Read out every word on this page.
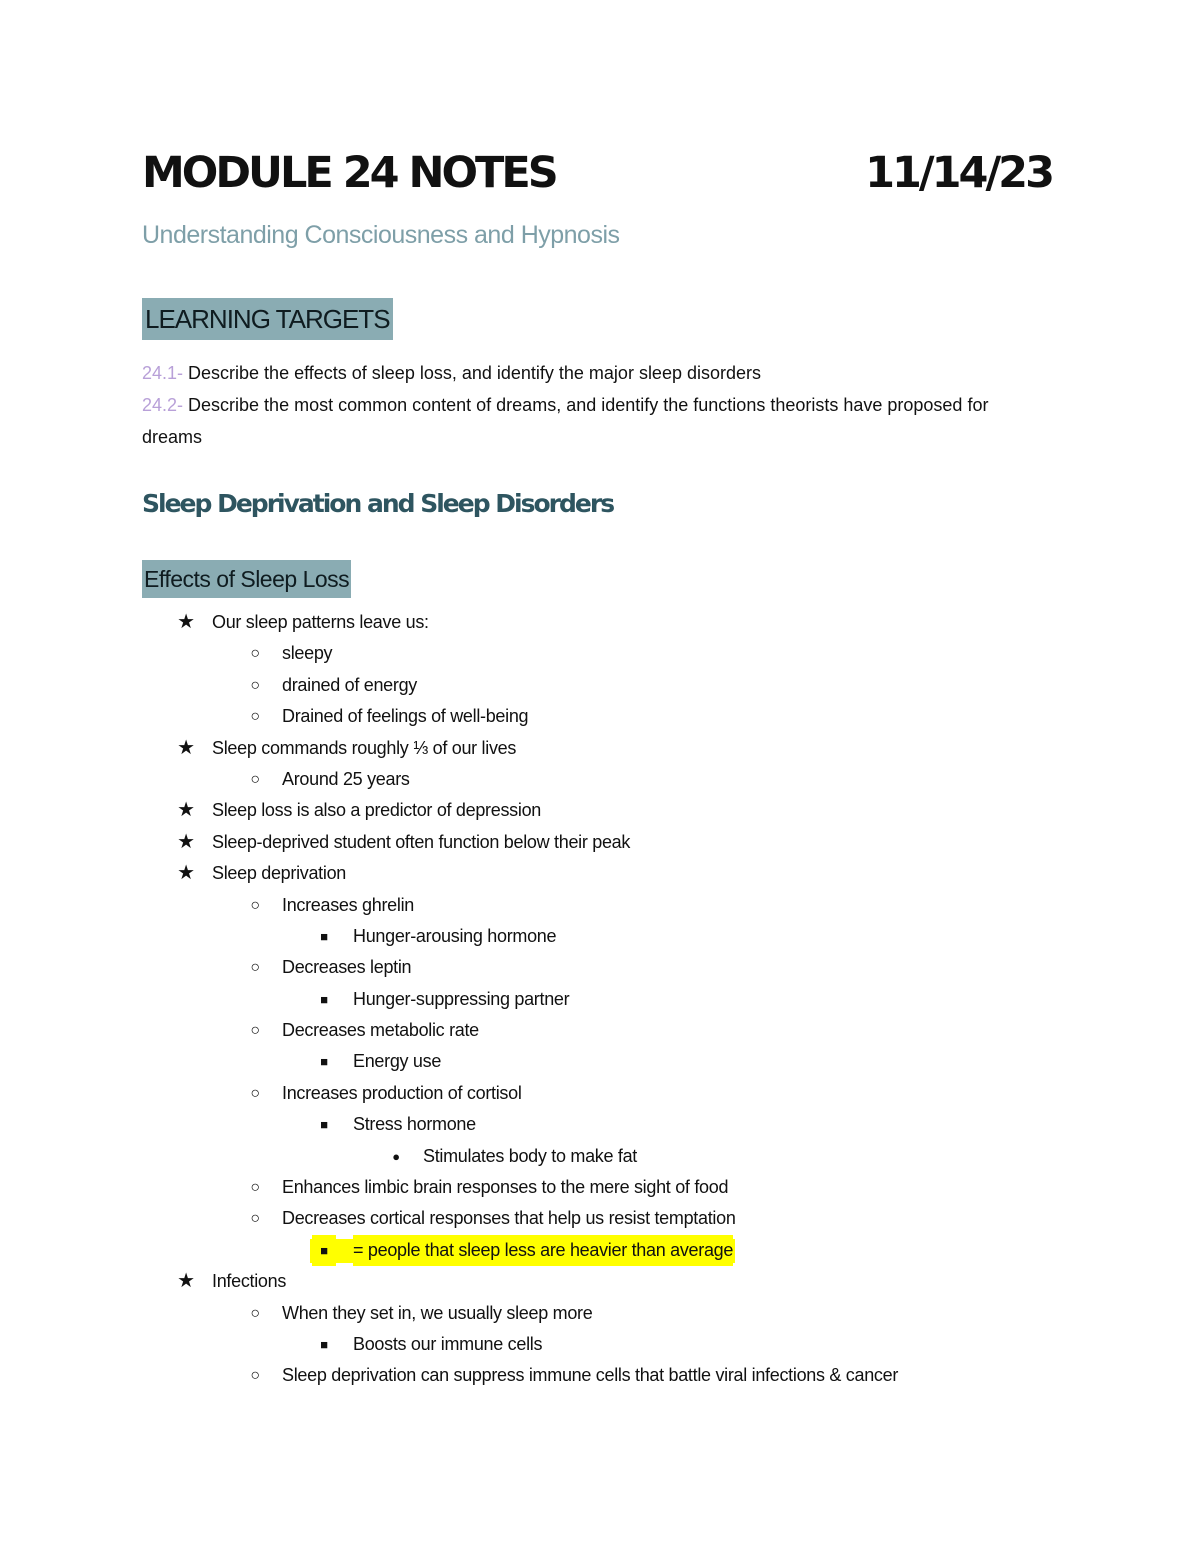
MODULE 24 NOTES	11/14/23
Understanding Consciousness and Hypnosis
LEARNING TARGETS
24.1- Describe the effects of sleep loss, and identify the major sleep disorders
24.2- Describe the most common content of dreams, and identify the functions theorists have proposed for
dreams
Sleep Deprivation and Sleep Disorders
Effects of Sleep Loss
★ Our sleep patterns leave us:
○	sleepy
○	drained of energy
○	Drained of feelings of well-being
★ Sleep commands roughly ⅓ of our lives
○	Around 25 years
★ Sleep loss is also a predictor of depression
★ Sleep-deprived student often function below their peak
★ Sleep deprivation
○	Increases ghrelin
■	Hunger-arousing hormone
○	Decreases leptin
■	Hunger-suppressing partner
○	Decreases metabolic rate
■	Energy use
○	Increases production of cortisol
■	Stress hormone
●	Stimulates body to make fat
○	Enhances limbic brain responses to the mere sight of food
○	Decreases cortical responses that help us resist temptation
■	= people that sleep less are heavier than average
★ Infections
○	When they set in, we usually sleep more
■	Boosts our immune cells
○	Sleep deprivation can suppress immune cells that battle viral infections & cancer
